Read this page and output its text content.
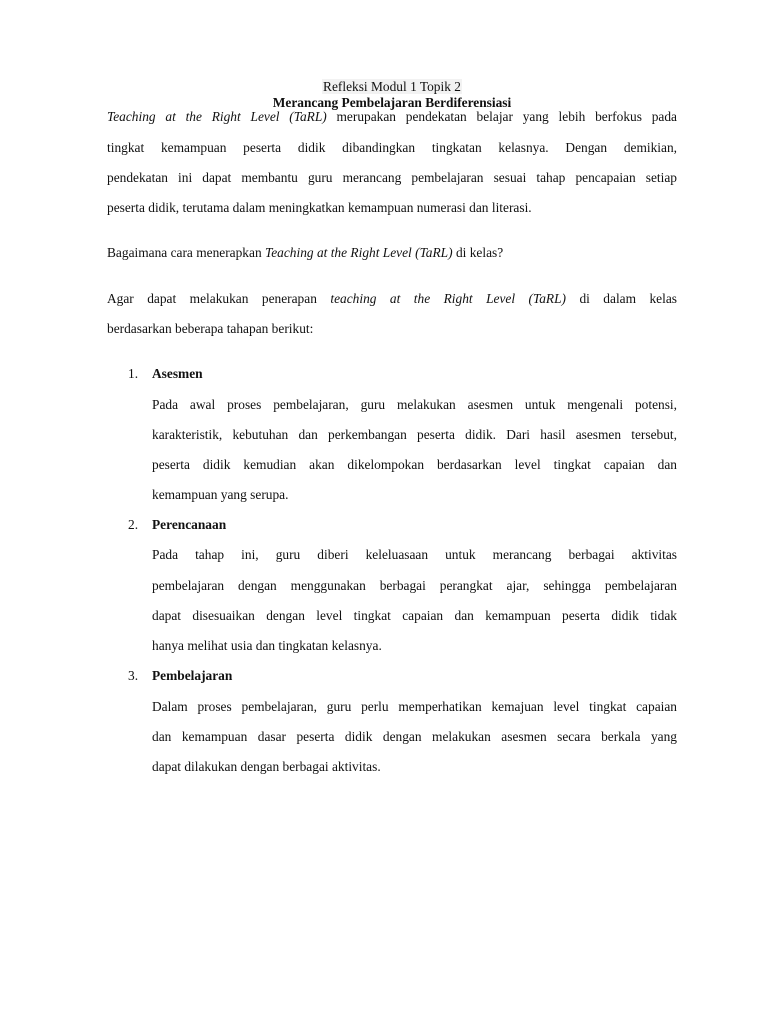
Refleksi Modul 1 Topik 2
Merancang Pembelajaran Berdiferensiasi
Teaching at the Right Level (TaRL) merupakan pendekatan belajar yang lebih berfokus pada
tingkat kemampuan peserta didik dibandingkan tingkatan kelasnya. Dengan demikian,
pendekatan ini dapat membantu guru merancang pembelajaran sesuai tahap pencapaian setiap
peserta didik, terutama dalam meningkatkan kemampuan numerasi dan literasi.
Bagaimana cara menerapkan Teaching at the Right Level (TaRL) di kelas?
Agar dapat melakukan penerapan teaching at the Right Level (TaRL) di dalam kelas
berdasarkan beberapa tahapan berikut:
1. Asesmen
Pada awal proses pembelajaran, guru melakukan asesmen untuk mengenali potensi,
karakteristik, kebutuhan dan perkembangan peserta didik. Dari hasil asesmen tersebut,
peserta didik kemudian akan dikelompokan berdasarkan level tingkat capaian dan
kemampuan yang serupa.
2. Perencanaan
Pada tahap ini, guru diberi keleluasaan untuk merancang berbagai aktivitas
pembelajaran dengan menggunakan berbagai perangkat ajar, sehingga pembelajaran
dapat disesuaikan dengan level tingkat capaian dan kemampuan peserta didik tidak
hanya melihat usia dan tingkatan kelasnya.
3. Pembelajaran
Dalam proses pembelajaran, guru perlu memperhatikan kemajuan level tingkat capaian
dan kemampuan dasar peserta didik dengan melakukan asesmen secara berkala yang
dapat dilakukan dengan berbagai aktivitas.
